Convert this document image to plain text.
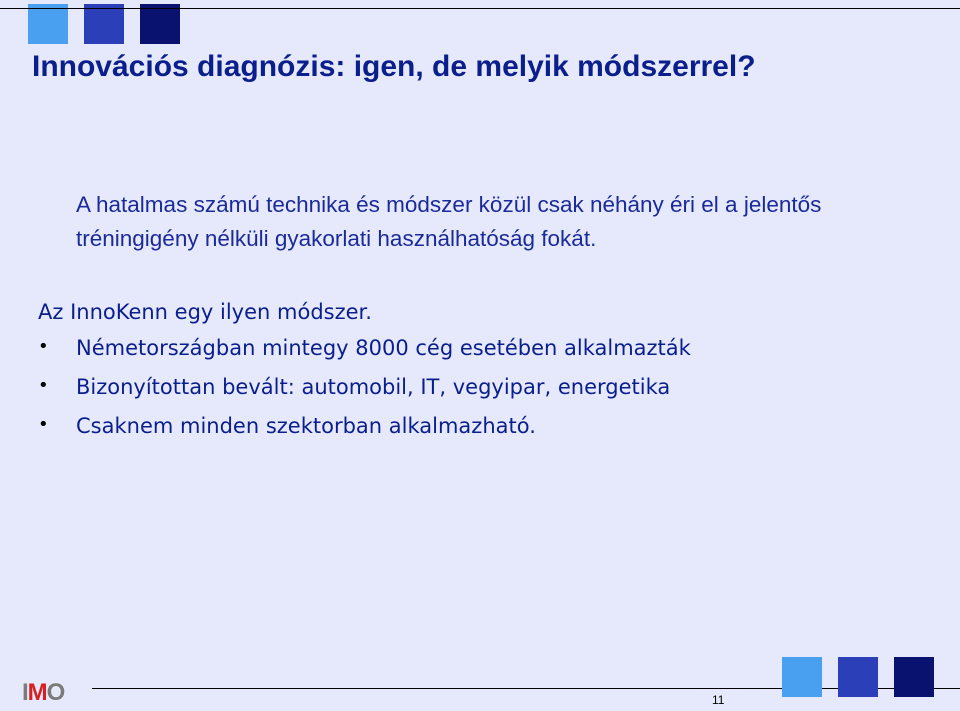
Innovációs diagnózis: igen, de melyik módszerrel?
A hatalmas számú technika és módszer közül csak néhány éri el a jelentős tréningigény nélküli gyakorlati használhatóság fokát.
Az InnoKenn egy ilyen módszer.
• Németországban mintegy 8000 cég esetében alkalmazták
• Bizonyítottan bevált: automobil, IT, vegyipar, energetika
• Csaknem minden szektorban alkalmazható.
IMO	11
